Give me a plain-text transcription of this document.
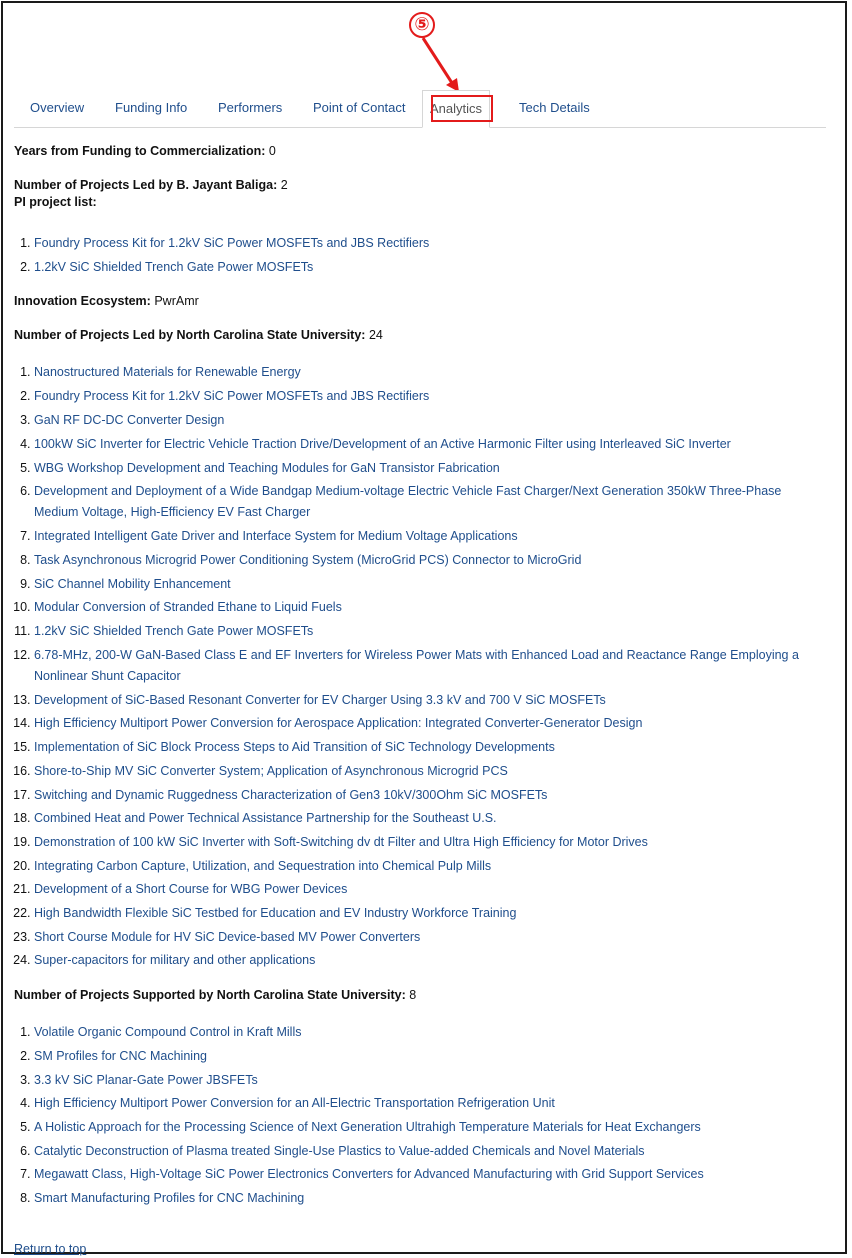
⑤
Overview Funding Info Performers Point of Contact	Analytics	Tech Details

Years from Funding to Commercialization: 0

Number of Projects Led by B. Jayant Baliga: 2

PI project list:

1. Foundry Process Kit for 1.2kV SiC Power MOSFETs and JBS Rectifiers
2. 1.2kV SiC Shielded Trench Gate Power MOSFETs

Innovation Ecosystem: PwrAmr

Number of Projects Led by North Carolina State University: 24

1. Nanostructured Materials for Renewable Energy
2. Foundry Process Kit for 1.2kV SiC Power MOSFETs and JBS Rectifiers
3. GaN RF DC-DC Converter Design
4. 100kW SiC Inverter for Electric Vehicle Traction Drive/Development of an Active Harmonic Filter using Interleaved SiC Inverter
5. WBG Workshop Development and Teaching Modules for GaN Transistor Fabrication
6. Development and Deployment of a Wide Bandgap Medium-voltage Electric Vehicle Fast Charger/Next Generation 350kW Three-Phase Medium Voltage, High-Efficiency EV Fast Charger
7. Integrated Intelligent Gate Driver and Interface System for Medium Voltage Applications
8. Task Asynchronous Microgrid Power Conditioning System (MicroGrid PCS) Connector to MicroGrid
9. SiC Channel Mobility Enhancement
10. Modular Conversion of Stranded Ethane to Liquid Fuels
11. 1.2kV SiC Shielded Trench Gate Power MOSFETs
12. 6.78-MHz, 200-W GaN-Based Class E and EF Inverters for Wireless Power Mats with Enhanced Load and Reactance Range Employing a Nonlinear Shunt Capacitor
13. Development of SiC-Based Resonant Converter for EV Charger Using 3.3 kV and 700 V SiC MOSFETs
14. High Efficiency Multiport Power Conversion for Aerospace Application: Integrated Converter-Generator Design
15. Implementation of SiC Block Process Steps to Aid Transition of SiC Technology Developments
16. Shore-to-Ship MV SiC Converter System; Application of Asynchronous Microgrid PCS
17. Switching and Dynamic Ruggedness Characterization of Gen3 10kV/300Ohm SiC MOSFETs
18. Combined Heat and Power Technical Assistance Partnership for the Southeast U.S.
19. Demonstration of 100 kW SiC Inverter with Soft-Switching dv dt Filter and Ultra High Efficiency for Motor Drives
20. Integrating Carbon Capture, Utilization, and Sequestration into Chemical Pulp Mills
21. Development of a Short Course for WBG Power Devices
22. High Bandwidth Flexible SiC Testbed for Education and EV Industry Workforce Training
23. Short Course Module for HV SiC Device-based MV Power Converters
24. Super-capacitors for military and other applications

Number of Projects Supported by North Carolina State University: 8

1. Volatile Organic Compound Control in Kraft Mills
2. SM Profiles for CNC Machining
3. 3.3 kV SiC Planar-Gate Power JBSFETs
4. High Efficiency Multiport Power Conversion for an All-Electric Transportation Refrigeration Unit
5. A Holistic Approach for the Processing Science of Next Generation Ultrahigh Temperature Materials for Heat Exchangers
6. Catalytic Deconstruction of Plasma treated Single-Use Plastics to Value-added Chemicals and Novel Materials
7. Megawatt Class, High-Voltage SiC Power Electronics Converters for Advanced Manufacturing with Grid Support Services
8. Smart Manufacturing Profiles for CNC Machining

Return to top
